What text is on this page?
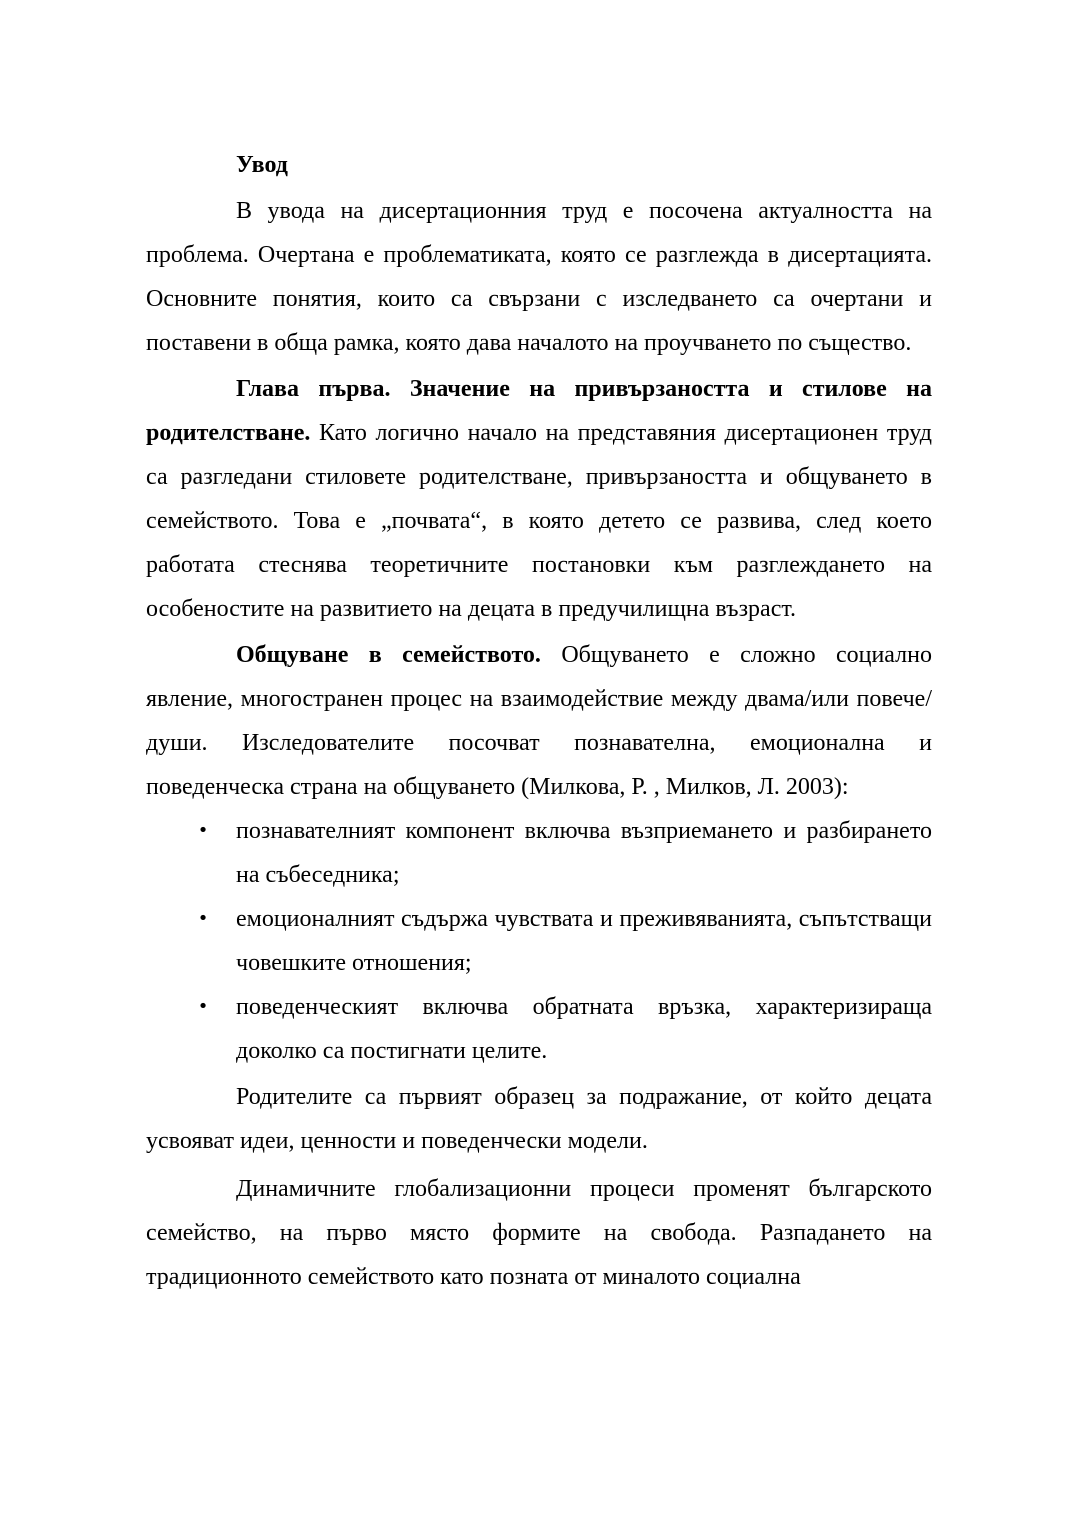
Увод

В увода на дисертационния труд е посочена актуалността на проблема. Очертана е проблематиката, която се разглежда в дисертацията. Основните понятия, които са свързани с изследването са очертани и поставени в обща рамка, която дава началото на проучването по същество.

Глава първа. Значение на привързаността и стилове на родителстване. Като логично начало на представяния дисертационен труд са разгледани стиловете родителстване, привързаността и общуването в семейството. Това е „почвата“, в която детето се развива, след което работата стеснява теоретичните постановки към разглеждането на особеностите на развитието на децата в предучилищна възраст.

Общуване в семейството. Общуването е сложно социално явление, многостранен процес на взаимодействие между двама/или повече/души. Изследователите посочват познавателна, емоционална и поведенческа страна на общуването (Милкова, Р. , Милков, Л. 2003):

• познавателният компонент включва възприемането и разбирането на събеседника;
• емоционалният съдържа чувствата и преживяванията, съпътстващи човешките отношения;
• поведенческият включва обратната връзка, характеризираща доколко са постигнати целите.

Родителите са първият образец за подражание, от който децата усвояват идеи, ценности и поведенчески модели.

Динамичните глобализационни процеси променят българското семейство, на първо място формите на свобода. Разпадането на традиционното семейството като позната от миналото социална
